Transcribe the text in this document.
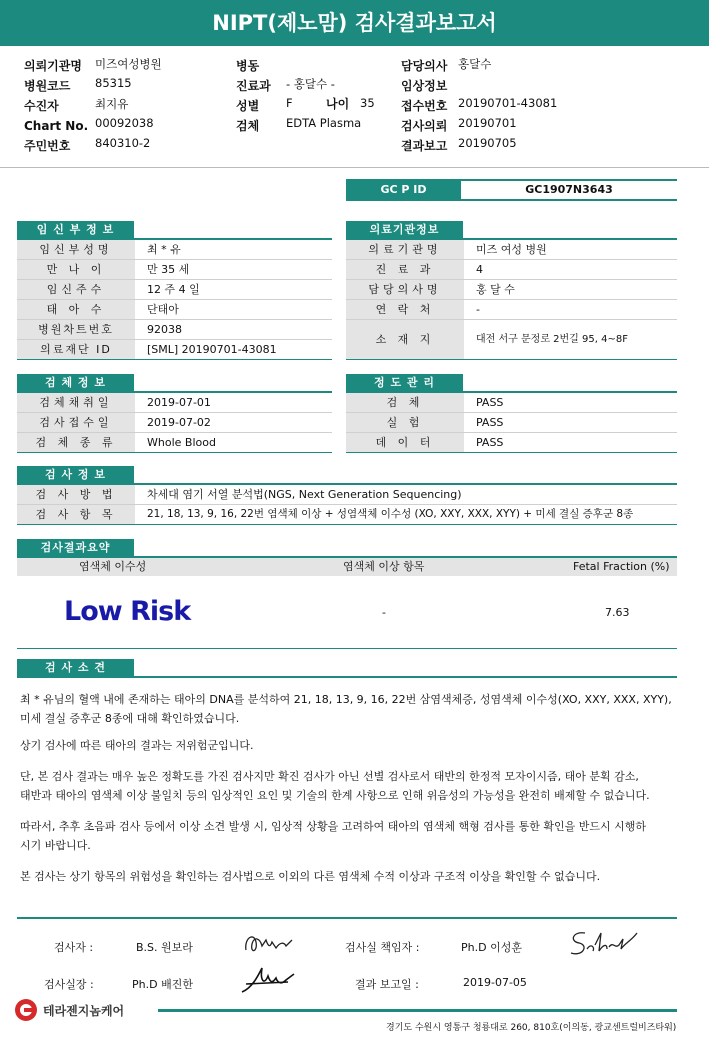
NIPT(제노맘) 검사결과보고서
의뢰기관명 미즈여성병원
병원코드 85315
수진자	최지유
Chart No. 00092038
주민번호 840310-2
병동
진료과 - 홍달수 -
성별 F	나이 35
검체 EDTA Plasma
담당의사 홍달수
임상정보
접수번호 20190701-43081
검사의뢰 20190701
결과보고 20190705
GC P ID	GC1907N3643
임 신 부 정 보
임신부성명	최 * 유
만 나 이	만 35 세
임신주수	12 주 4 일
태 아 수	단태아
병원차트번호	92038
의료재단 ID	[SML] 20190701-43081
의료기관정보
의료기관명	미즈 여성 병원
진 료 과	4
담당의사명	홍 달 수
연 락 처	-
소 재 지	대전 서구 문정로 2번길 95, 4~8F
검 체 정 보
검체채취일	2019-07-01
검사접수일	2019-07-02
검 체 종 류	Whole Blood
정 도 관 리
검 체	PASS
실 험	PASS
데 이 터	PASS
검 사 정 보
검 사 방 법	차세대 염기 서열 분석법(NGS, Next Generation Sequencing)
검 사 항 목	21, 18, 13, 9, 16, 22번 염색체 이상 + 성염색체 이수성 (XO, XXY, XXX, XYY) + 미세 결실 증후군 8종
검사결과요약
염색체 이수성	염색체 이상 항목	Fetal Fraction (%)
Low Risk	-	7.63
검 사 소 견
최 * 유님의 혈액 내에 존재하는 태아의 DNA를 분석하여 21, 18, 13, 9, 16, 22번 삼염색체증, 성염색체 이수성(XO, XXY, XXX, XYY),
미세 결실 증후군 8종에 대해 확인하였습니다.
상기 검사에 따른 태아의 결과는 저위험군입니다.
단, 본 검사 결과는 매우 높은 정확도를 가진 검사지만 확진 검사가 아닌 선별 검사로서 태반의 한정적 모자이시즘, 태아 분획 감소,
태반과 태아의 염색체 이상 불일치 등의 임상적인 요인 및 기술의 한계 사항으로 인해 위음성의 가능성을 완전히 배제할 수 없습니다.
따라서, 추후 초음파 검사 등에서 이상 소견 발생 시, 임상적 상황을 고려하여 태아의 염색체 핵형 검사를 통한 확인을 반드시 시행하
시기 바랍니다.
본 검사는 상기 항목의 위험성을 확인하는 검사법으로 이외의 다른 염색체 수적 이상과 구조적 이상을 확인할 수 없습니다.
검사자 :	B.S. 원보라	검사실 책임자 :	Ph.D 이성훈
검사실장 :	Ph.D 배진한	결과 보고일 :	2019-07-05
테라젠지놈케어
경기도 수원시 영통구 청룡대로 260, 810호(이의동, 광교센트럴비즈타워)
